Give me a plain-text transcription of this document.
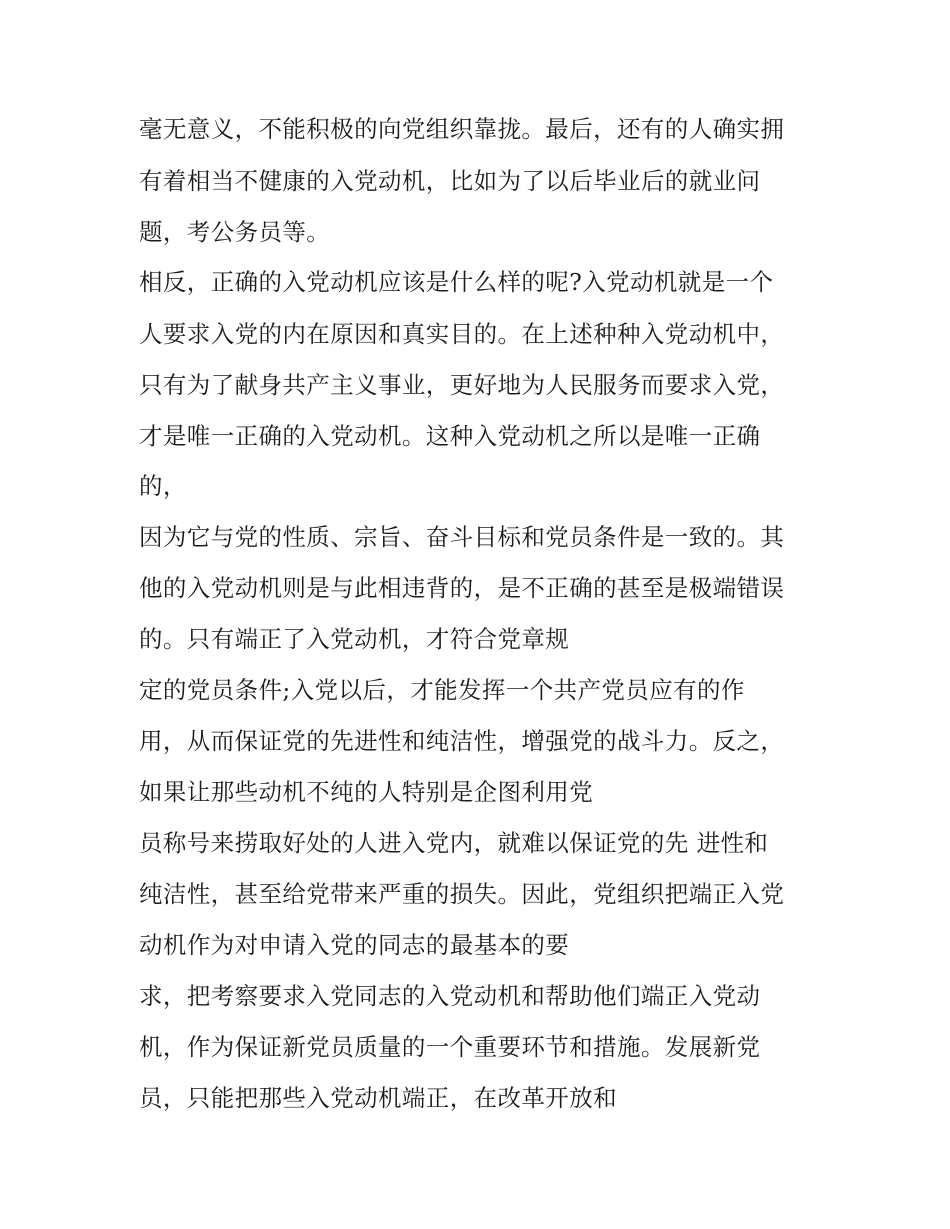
毫无意义，不能积极的向党组织靠拢。最后，还有的人确实拥

有着相当不健康的入党动机，比如为了以后毕业后的就业问

题，考公务员等。

相反，正确的入党动机应该是什么样的呢?入党动机就是一个

人要求入党的内在原因和真实目的。在上述种种入党动机中，

只有为了献身共产主义事业，更好地为人民服务而要求入党，

才是唯一正确的入党动机。这种入党动机之所以是唯一正确

的，

因为它与党的性质、宗旨、奋斗目标和党员条件是一致的。其

他的入党动机则是与此相违背的，是不正确的甚至是极端错误

的。只有端正了入党动机，才符合党章规

定的党员条件;入党以后，才能发挥一个共产党员应有的作

用，从而保证党的先进性和纯洁性，增强党的战斗力。反之，

如果让那些动机不纯的人特别是企图利用党

员称号来捞取好处的人进入党内，就难以保证党的先 进性和

纯洁性，甚至给党带来严重的损失。因此，党组织把端正入党

动机作为对申请入党的同志的最基本的要

求，把考察要求入党同志的入党动机和帮助他们端正入党动

机，作为保证新党员质量的一个重要环节和措施。发展新党

员，只能把那些入党动机端正，在改革开放和
